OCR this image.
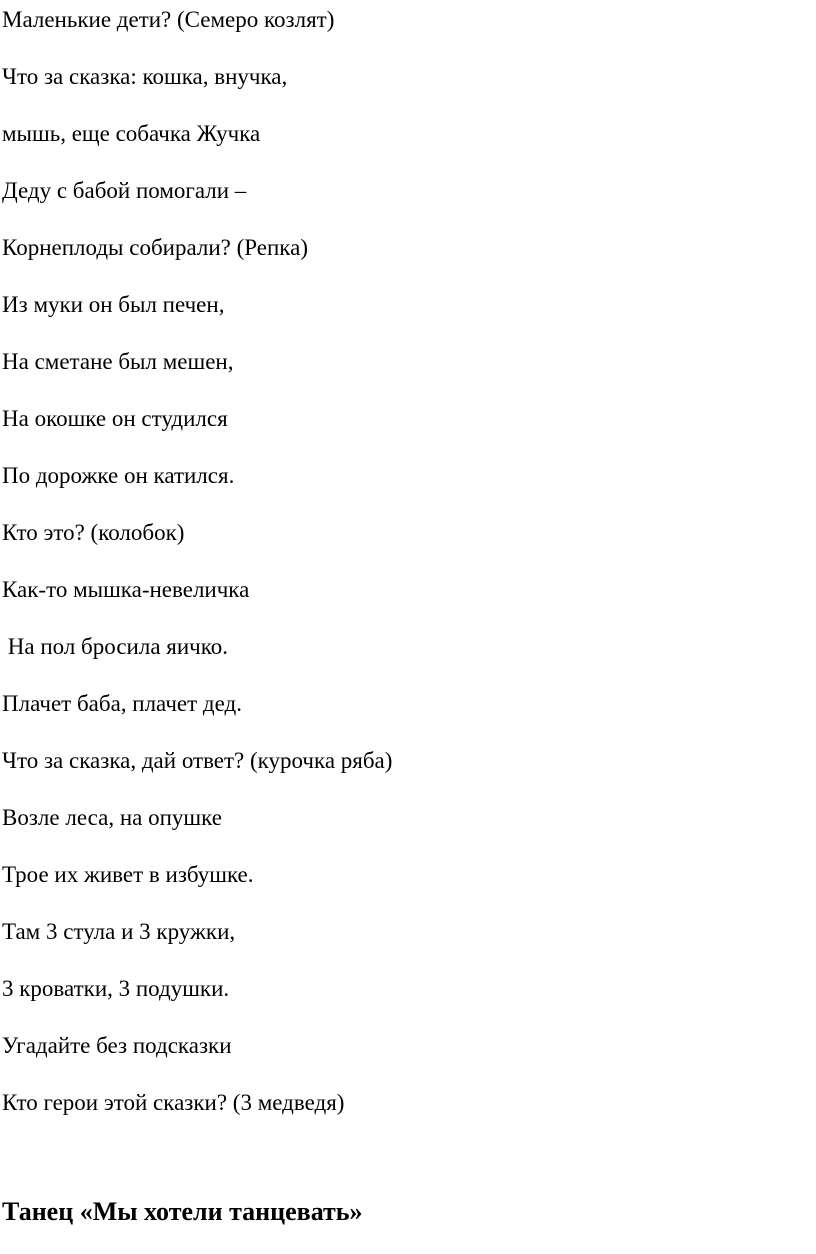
Маленькие дети? (Семеро козлят)

Что за сказка: кошка, внучка,

мышь, еще собачка Жучка

Деду с бабой помогали –

Корнеплоды собирали? (Репка)

Из муки он был печен,

На сметане был мешен,

На окошке он студился

По дорожке он катился.

Кто это? (колобок)

Как-то мышка-невеличка

На пол бросила яичко.

Плачет баба, плачет дед.

Что за сказка, дай ответ? (курочка ряба)

Возле леса, на опушке

Трое их живет в избушке.

Там 3 стула и 3 кружки,

3 кроватки, 3 подушки.

Угадайте без подсказки

Кто герои этой сказки? (3 медведя)

Танец «Мы хотели танцевать»
